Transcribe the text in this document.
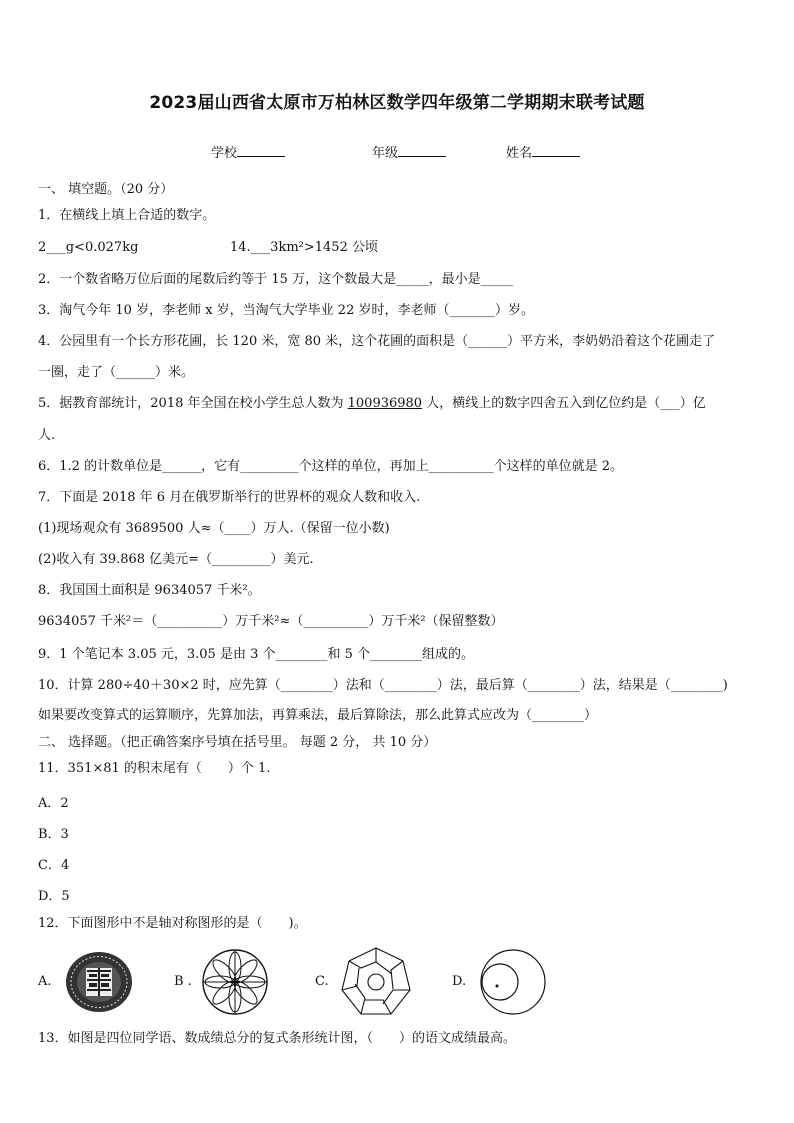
2023届山西省太原市万柏林区数学四年级第二学期期末联考试题
学校	年级	姓名
一、 填空题。（20 分）
1．在横线上填上合适的数字。
2___g<0.027kg	14.___3km²>1452 公顷
2．一个数省略万位后面的尾数后约等于 15 万，这个数最大是_____，最小是_____
3．淘气今年 10 岁，李老师 x 岁，当淘气大学毕业 22 岁时，李老师（_______）岁。
4．公园里有一个长方形花圃，长 120 米，宽 80 米，这个花圃的面积是（______）平方米，李奶奶沿着这个花圃走了
一圈，走了（______）米。
5．据教育部统计，2018 年全国在校小学生总人数为 100936980 人，横线上的数字四舍五入到亿位约是（___）亿
人.
6．1.2 的计数单位是______，它有_________个这样的单位，再加上__________个这样的单位就是 2。
7．下面是 2018 年 6 月在俄罗斯举行的世界杯的观众人数和收入.
(1)现场观众有 3689500 人≈（____）万人.（保留一位小数)
(2)收入有 39.868 亿美元=（_________）美元.
8．我国国土面积是 9634057 千米²。
9634057 千米²＝（__________）万千米²≈（__________）万千米²（保留整数）
9．1 个笔记本 3.05 元，3.05 是由 3 个________和 5 个________组成的。
10．计算 280÷40＋30×2 时，应先算（________）法和（________）法，最后算（________）法，结果是（________)
如果要改变算式的运算顺序，先算加法，再算乘法，最后算除法，那么此算式应改为（________）
二、 选择题。（把正确答案序号填在括号里。 每题 2 分， 共 10 分）
11．351×81 的积末尾有（　　）个 1.
A．2
B．3
C．4
D．5
12．下面图形中不是轴对称图形的是（　　)。
A.	B .	C.	D.
13．如图是四位同学语、数成绩总分的复式条形统计图，（　　）的语文成绩最高。
